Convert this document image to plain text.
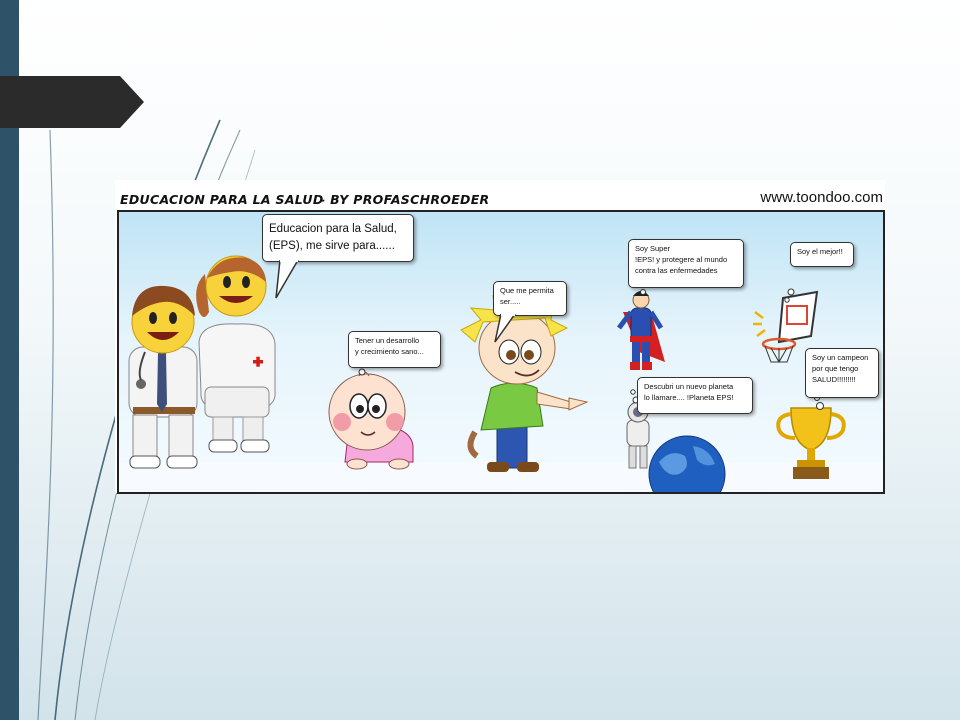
EDUCACION PARA LA SALUD
- BY PROFASCHROEDER	www.toondoo.com
Educacion para la Salud,
(EPS), me sirve para......
Tener un desarrollo
y crecimiento sano...
Que me permita
ser.....
Soy Super
!EPS! y protegere al mundo
contra las enfermedades
Descubri un nuevo planeta
lo llamare.... !Planeta EPS!
Soy el mejor!!
Soy un campeon
por que tengo
SALUD!!!!!!!!!
